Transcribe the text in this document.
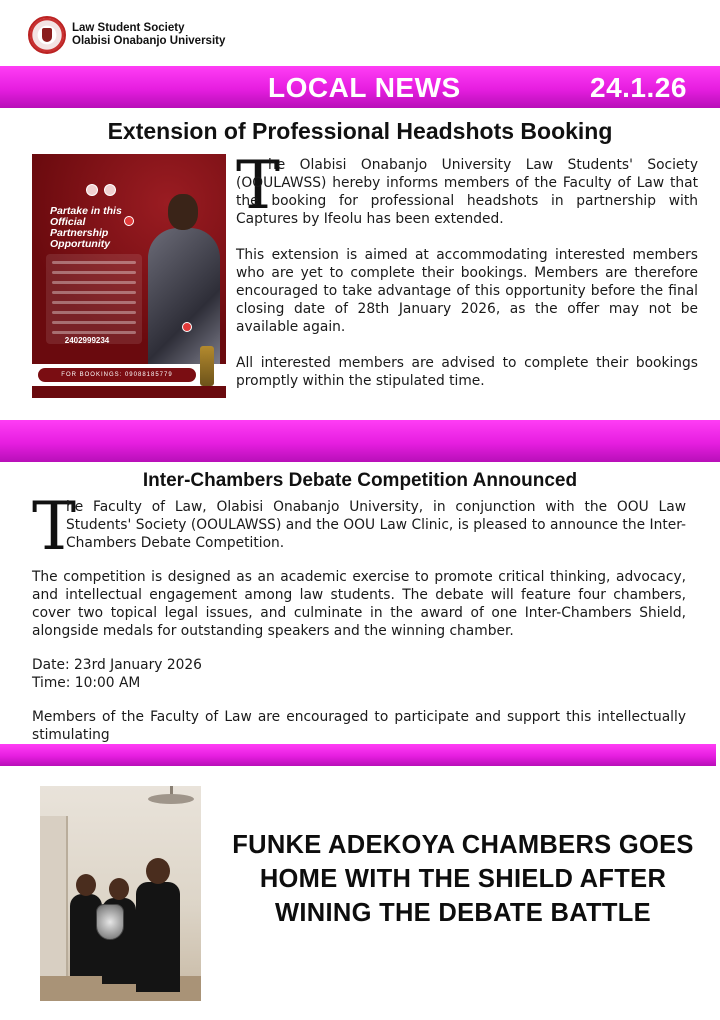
Law Student Society
Olabisi Onabanjo University
LOCAL NEWS	24.1.26
Extension of Professional Headshots Booking
Partake in this Official Partnership Opportunity
2402999234
FOR BOOKINGS: 09088185779
T

he Olabisi Onabanjo University Law Students' Society (OOULAWSS) hereby informs members of the Faculty of Law that the booking for professional headshots in partnership with Captures by Ifeolu has been extended.

This extension is aimed at accommodating interested members who are yet to complete their bookings. Members are therefore encouraged to take advantage of this opportunity before the final closing date of 28th January 2026, as the offer may not be available again.

All interested members are advised to complete their bookings promptly within the stipulated time.

Inter-Chambers Debate Competition Announced
T

he Faculty of Law, Olabisi Onabanjo University, in conjunction with the OOU Law Students' Society (OOULAWSS) and the OOU Law Clinic, is pleased to announce the Inter-Chambers Debate Competition.

The competition is designed as an academic exercise to promote critical thinking, advocacy, and intellectual engagement among law students. The debate will feature four chambers, cover two topical legal issues, and culminate in the award of one Inter-Chambers Shield, alongside medals for outstanding speakers and the winning chamber.

Date: 23rd January 2026

Time: 10:00 AM

Members of the Faculty of Law are encouraged to participate and support this intellectually stimulating

FUNKE ADEKOYA CHAMBERS GOES HOME WITH THE SHIELD AFTER WINING THE DEBATE BATTLE
